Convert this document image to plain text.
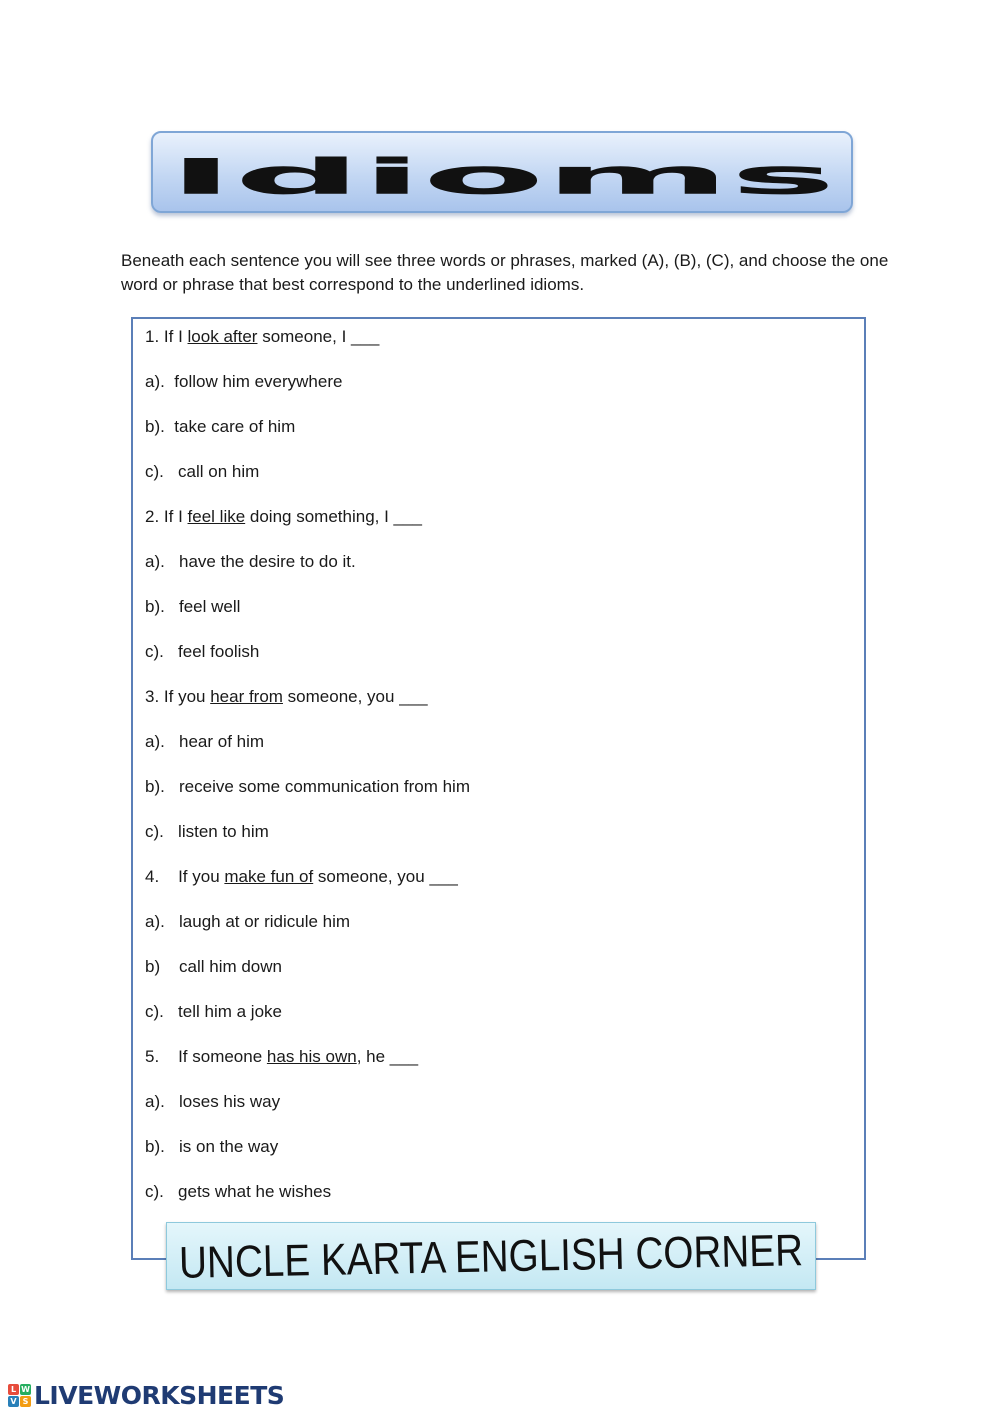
Idioms
Beneath each sentence you will see three words or phrases, marked (A), (B), (C), and choose the one word or phrase that best correspond to the underlined idioms.
1. If I look after someone, I ___
a).  follow him everywhere
b).  take care of him
c).   call on him
2. If I feel like doing something, I ___
a).   have the desire to do it.
b).   feel well
c).   feel foolish
3. If you hear from someone, you ___
a).   hear of him
b).   receive some communication from him
c).   listen to him
4.    If you make fun of someone, you ___
a).   laugh at or ridicule him
b)    call him down
c).   tell him a joke
5.    If someone has his own, he ___
a).   loses his way
b).   is on the way
c).   gets what he wishes
UNCLE KARTA ENGLISH CORNER
L W
V S LIVEWORKSHEETS
